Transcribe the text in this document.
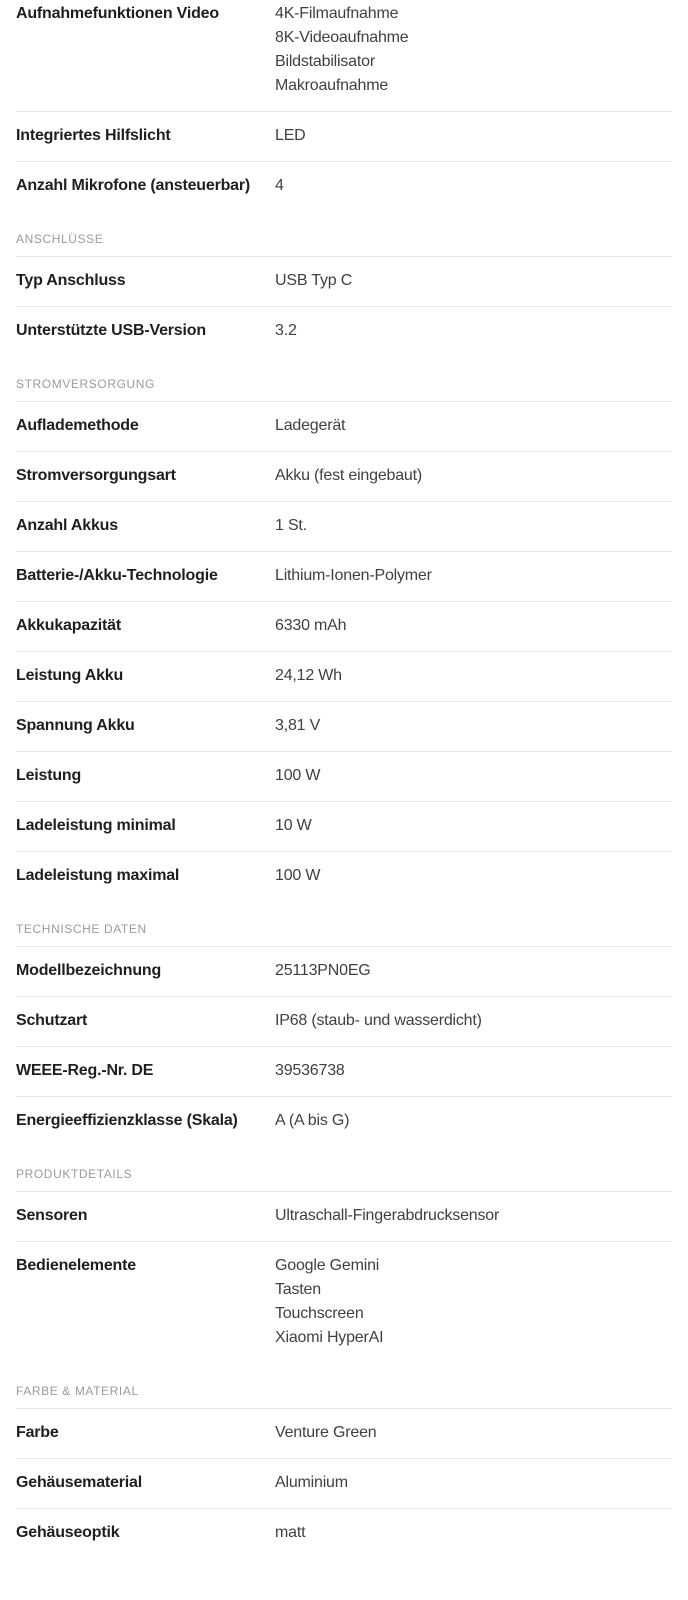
Aufnahmefunktionen Video	4K-Filmaufnahme
8K-Videoaufnahme
Bildstabilisator
Makroaufnahme
Integriertes Hilfslicht	LED
Anzahl Mikrofone (ansteuerbar)	4
ANSCHLÜSSE
Typ Anschluss	USB Typ C
Unterstützte USB-Version	3.2
STROMVERSORGUNG
Auflademethode	Ladegerät
Stromversorgungsart	Akku (fest eingebaut)
Anzahl Akkus	1 St.
Batterie-/Akku-Technologie	Lithium-Ionen-Polymer
Akkukapazität	6330 mAh
Leistung Akku	24,12 Wh
Spannung Akku	3,81 V
Leistung	100 W
Ladeleistung minimal	10 W
Ladeleistung maximal	100 W
TECHNISCHE DATEN
Modellbezeichnung	25113PN0EG
Schutzart	IP68 (staub- und wasserdicht)
WEEE-Reg.-Nr. DE	39536738
Energieeffizienzklasse (Skala)	A (A bis G)
PRODUKTDETAILS
Sensoren	Ultraschall-Fingerabdrucksensor
Bedienelemente	Google Gemini
Tasten
Touchscreen
Xiaomi HyperAI
FARBE & MATERIAL
Farbe	Venture Green
Gehäusematerial	Aluminium
Gehäuseoptik	matt
